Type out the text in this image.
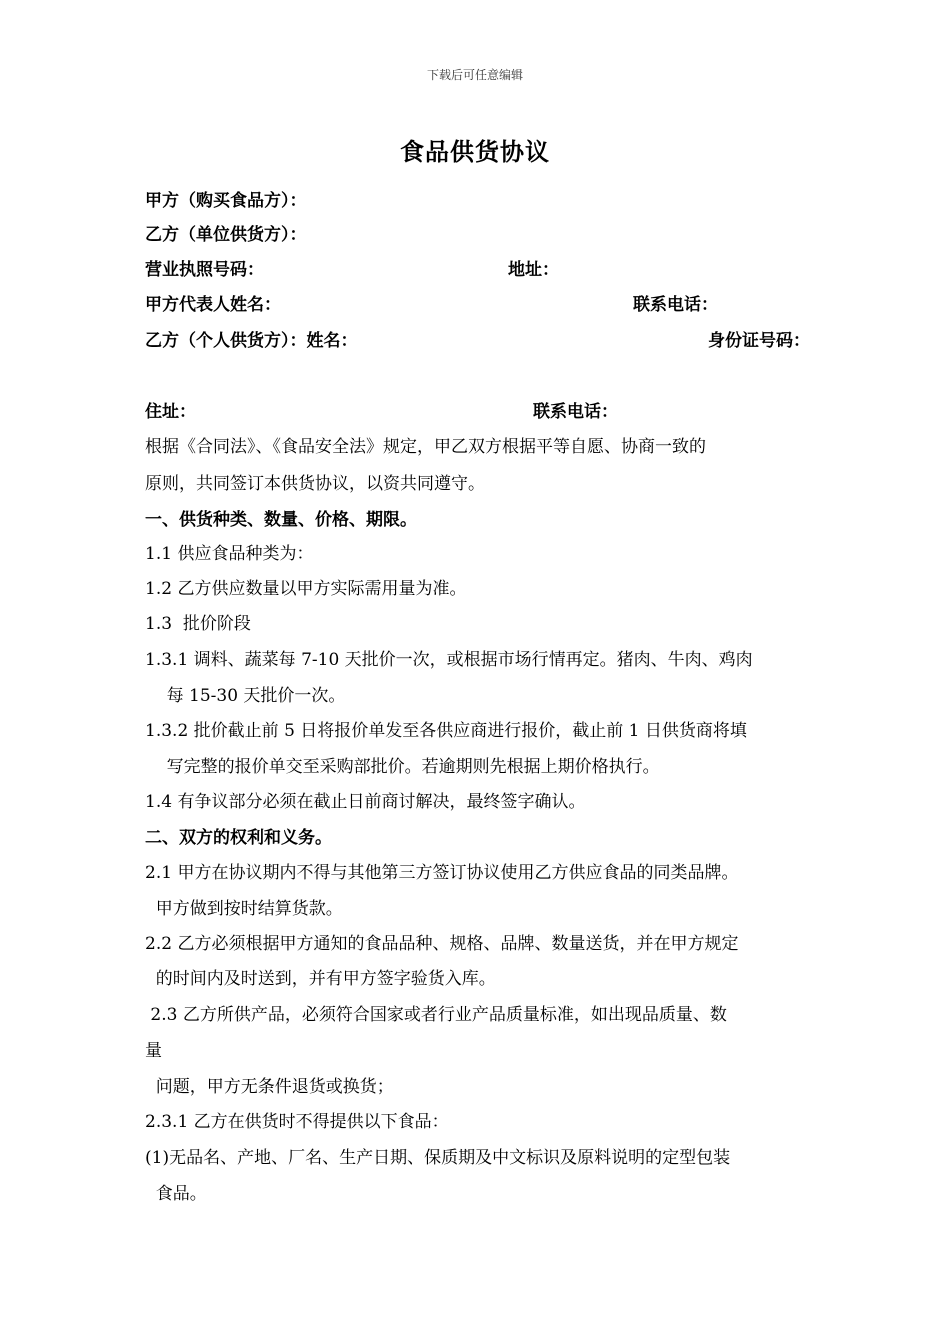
下载后可任意编辑
食品供货协议
甲方（购买食品方）：
乙方（单位供货方）：
营业执照号码：	地址：
甲方代表人姓名：	联系电话：
乙方（个人供货方）：姓名：	身份证号码：
住址：	联系电话：
根据《合同法》、《食品安全法》规定，甲乙双方根据平等自愿、协商一致的
原则，共同签订本供货协议，以资共同遵守。
一、供货种类、数量、价格、期限。
1.1 供应食品种类为：
1.2 乙方供应数量以甲方实际需用量为准。
1.3  批价阶段
1.3.1 调料、蔬菜每 7-10 天批价一次，或根据市场行情再定。猪肉、牛肉、鸡肉
每 15-30 天批价一次。
1.3.2 批价截止前 5 日将报价单发至各供应商进行报价，截止前 1 日供货商将填
写完整的报价单交至采购部批价。若逾期则先根据上期价格执行。
1.4 有争议部分必须在截止日前商讨解决，最终签字确认。
二、双方的权利和义务。
2.1 甲方在协议期内不得与其他第三方签订协议使用乙方供应食品的同类品牌。
甲方做到按时结算货款。
2.2 乙方必须根据甲方通知的食品品种、规格、品牌、数量送货，并在甲方规定
的时间内及时送到，并有甲方签字验货入库。
2.3 乙方所供产品，必须符合国家或者行业产品质量标准，如出现品质量、数
量
问题，甲方无条件退货或换货；
2.3.1 乙方在供货时不得提供以下食品：
(1)无品名、产地、厂名、生产日期、保质期及中文标识及原料说明的定型包装
食品。
